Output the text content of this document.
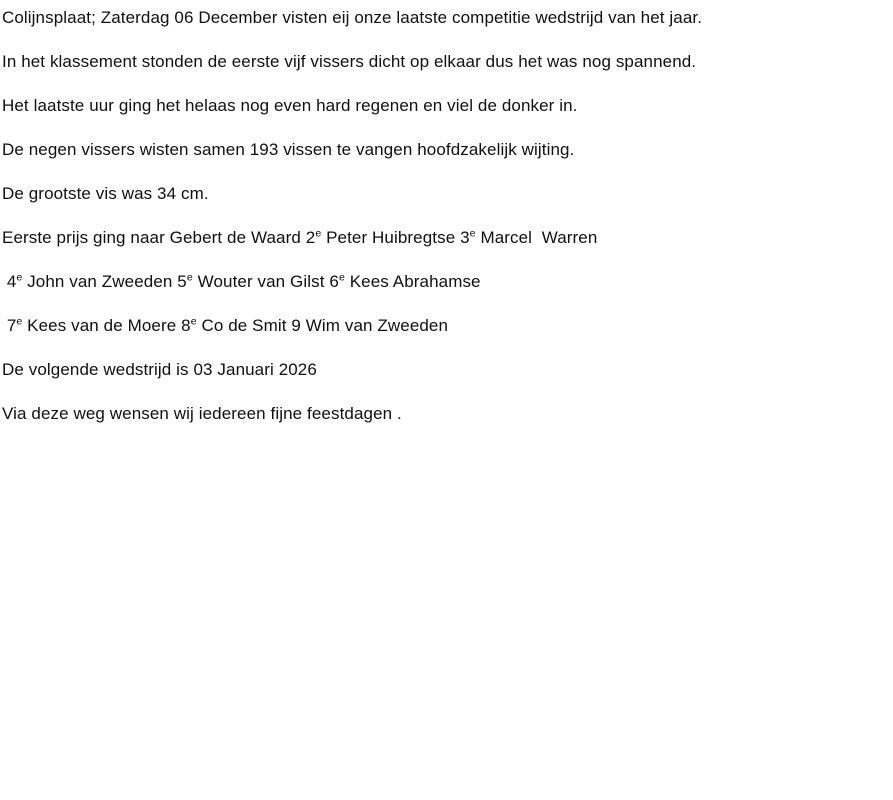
Colijnsplaat; Zaterdag 06 December visten eij onze laatste competitie wedstrijd van het jaar.

In het klassement stonden de eerste vijf vissers dicht op elkaar dus het was nog spannend.

Het laatste uur ging het helaas nog even hard regenen en viel de donker in.

De negen vissers wisten samen 193 vissen te vangen hoofdzakelijk wijting.

De grootste vis was 34 cm.

Eerste prijs ging naar Gebert de Waard 2e Peter Huibregtse 3e Marcel  Warren

4e John van Zweeden 5e Wouter van Gilst 6e Kees Abrahamse

7e Kees van de Moere 8e Co de Smit 9 Wim van Zweeden

De volgende wedstrijd is 03 Januari 2026

Via deze weg wensen wij iedereen fijne feestdagen .
